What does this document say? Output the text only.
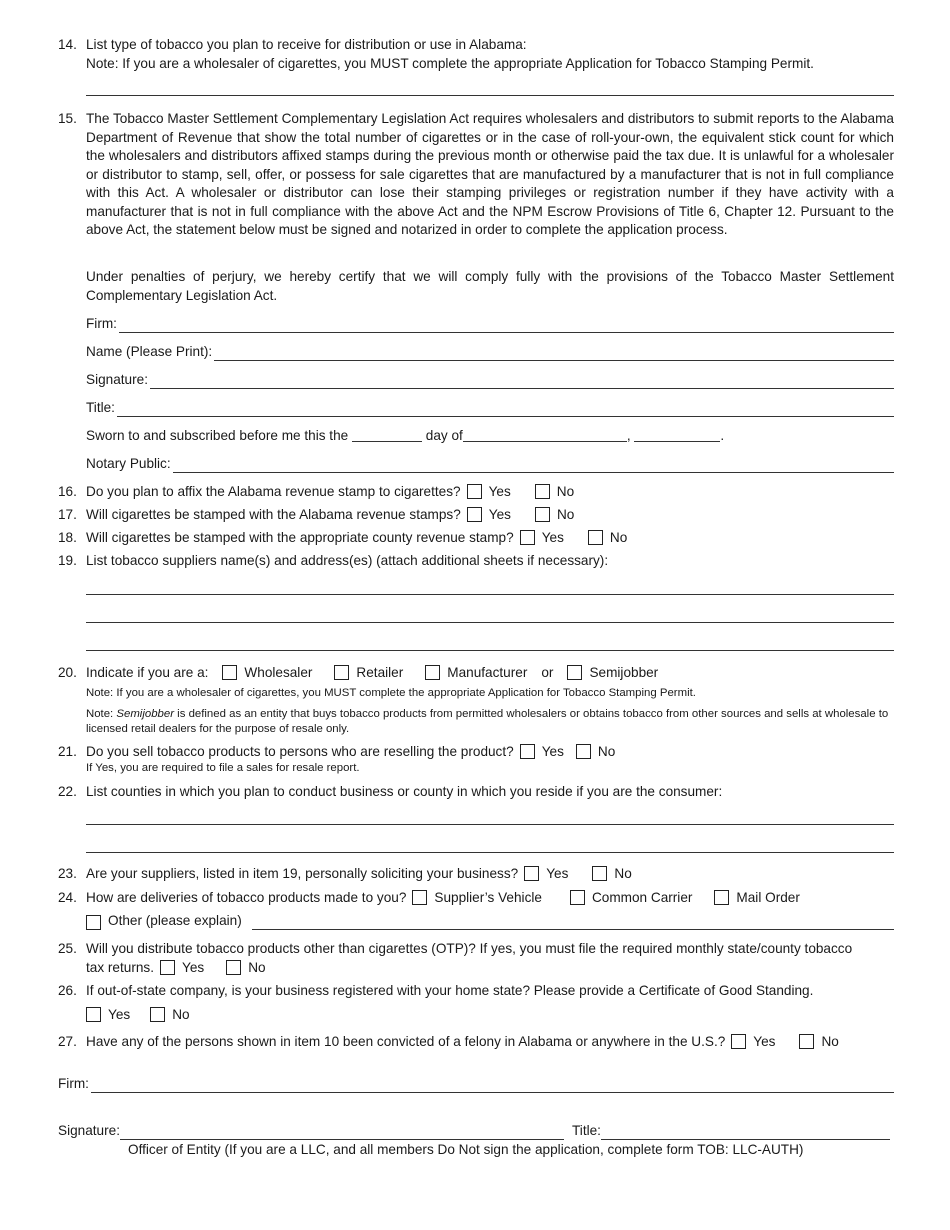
14. List type of tobacco you plan to receive for distribution or use in Alabama:
Note: If you are a wholesaler of cigarettes, you MUST complete the appropriate Application for Tobacco Stamping Permit.
15. The Tobacco Master Settlement Complementary Legislation Act requires wholesalers and distributors to submit reports to the Alabama Department of Revenue that show the total number of cigarettes or in the case of roll-your-own, the equivalent stick count for which the wholesalers and distributors affixed stamps during the previous month or otherwise paid the tax due. It is unlawful for a wholesaler or distributor to stamp, sell, offer, or possess for sale cigarettes that are manufactured by a manufacturer that is not in full compliance with this Act. A wholesaler or distributor can lose their stamping privileges or registration number if they have activity with a manufacturer that is not in full compliance with the above Act and the NPM Escrow Provisions of Title 6, Chapter 12. Pursuant to the above Act, the statement below must be signed and notarized in order to complete the application process.
Under penalties of perjury, we hereby certify that we will comply fully with the provisions of the Tobacco Master Settlement Complementary Legislation Act.
Firm:
Name (Please Print):
Signature:
Title:
Sworn to and subscribed before me this the	day of	,	.
Notary Public:
16. Do you plan to affix the Alabama revenue stamp to cigarettes? Yes	No
17. Will cigarettes be stamped with the Alabama revenue stamps? Yes	No
18. Will cigarettes be stamped with the appropriate county revenue stamp? Yes	No
19. List tobacco suppliers name(s) and address(es) (attach additional sheets if necessary):
20. Indicate if you are a:	Wholesaler	Retailer	Manufacturer or	Semijobber
Note: If you are a wholesaler of cigarettes, you MUST complete the appropriate Application for Tobacco Stamping Permit.
Note: Semijobber is defined as an entity that buys tobacco products from permitted wholesalers or obtains tobacco from other sources and sells at wholesale to licensed retail dealers for the purpose of resale only.
21. Do you sell tobacco products to persons who are reselling the product? Yes	No
If Yes, you are required to file a sales for resale report.
22. List counties in which you plan to conduct business or county in which you reside if you are the consumer:
23. Are your suppliers, listed in item 19, personally soliciting your business? Yes	No
24. How are deliveries of tobacco products made to you? Supplier’s Vehicle	Common Carrier	Mail Order
Other (please explain)
25. Will you distribute tobacco products other than cigarettes (OTP)? If yes, you must file the required monthly state/county tobacco
tax returns. Yes	No
26. If out-of-state company, is your business registered with your home state? Please provide a Certificate of Good Standing.
Yes	No
27. Have any of the persons shown in item 10 been convicted of a felony in Alabama or anywhere in the U.S.? Yes	No
Firm:
Signature:	Title:
Officer of Entity (If you are a LLC, and all members Do Not sign the application, complete form TOB: LLC-AUTH)
